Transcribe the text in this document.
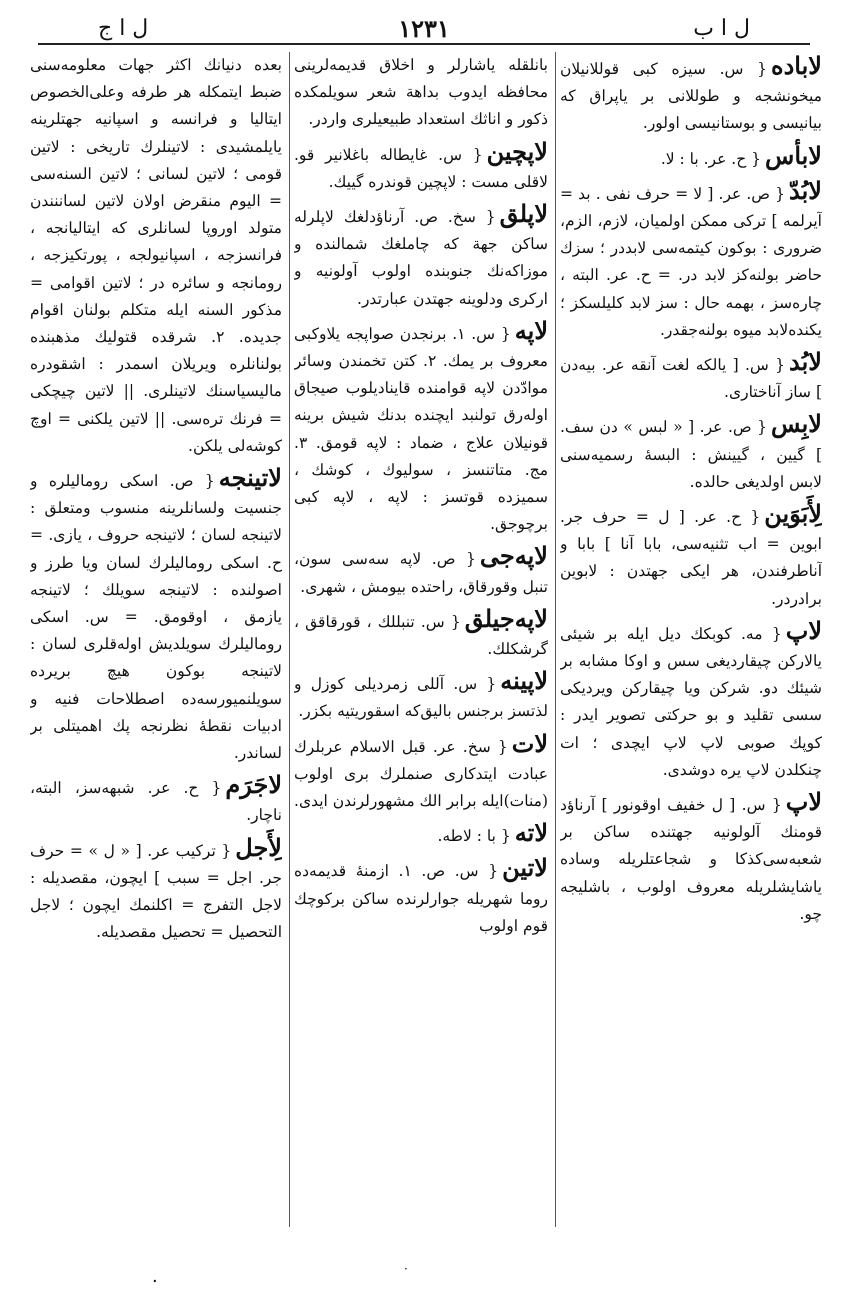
ل ا ج	١٢٣١	ل ا ب
لاباده{ س. سیزه کبی قوللانیلان میخونشجه و طوللانی بر یاپراق که بیانیسی و بوستانیسی اولور.
لابأس{ ح. عر. با : لا.
لابُدّ{ ص. عر. [ لا = حرف نفی . بد = آیرلمه ] ترکی ممکن اولمیان، لازم، الزم، ضروری : بوکون کیتمه‌سی لابددر ؛ سزك حاضر بولنه‌کز لابد در. = ح. عر. البته ، چاره‌سز ، بهمه حال : سز لابد کلیلسکز ؛ یکنده‌لابد میوه بولنه‌جقدر.
لابُد{ س. [ یالکه لغت آنقه عر. بیه‌دن ] ساز آناختاری.
لابِس{ ص. عر. [ « لبس » دن سف. ] گیین ، گیینش : البسهٔ رسمیه‌سنی لابس اولدیغی حالده.
لِأَبَوَین{ ح. عر. [ ل = حرف جر. ابوین = اب تثنیه‌سی، بابا آنا ] بابا و آناطرفندن، هر ایکی جهتدن : لابوین برادردر.
لاپ{ مه. کوبکك دیل ایله بر شیئی یالارکن چیقاردیغی سس و اوکا مشابه بر شیئك دو. شرکن ویا چیقارکن ویردیکی سسی تقلید و بو حرکتی تصویر ایدر : کوپك صوبی لاپ لاپ ایچدی ؛ ات چنکلدن لاپ یره دوشدی.
لاپ{ س. [ ل خفیف اوقونور ] آرناؤد قومنك آلولونیه جهتنده ساکن بر شعبه‌سی‌کذکا و شجاعتلریله وساده یاشایشلریله معروف اولوب ، باشلیجه چو.
بانلقله یاشارلر و اخلاق قدیمه‌لرینی محافظه ایدوب بداهة شعر سویلمکده ذکور و اناثك استعداد طبیعیلری واردر.
لاپچین{ س. غایطاله باغلانیر قو. لاقلی مست : لاپچین قوندره گییك.
لاپلق{ سخ. ص. آرناؤدلغك لاپلرله ساکن جهة که چاملغك شمالنده و موزاکه‌نك جنوبنده اولوب آولونیه و ارکری ودلوینه جهتدن عبارتدر.
لاپه{ س. ۱. برنجدن صواپجه یلاوکبی معروف بر یمك. ۲. کتن تخمندن وسائر موادّدن لاپه قوامنده قایناديلوب صیجاق اوله‌رق تولنبد ایچنده بدنك شیش برینه قونیلان علاج ، ضماد : لاپه قومق. ۳. مج. متاتنسز ، سولیوك ، کوشك ، سمیزده قوتسز : لاپه ، لاپه کبی برچوجق.
لاپه‌جی{ ص. لاپه سه‌سی سون، تنبل وقورقاق، راحتده بیومش ، شهری.
لاپه‌جیلق{ س. تنبللك ، قورقاقق ، گرشکلك.
لاپینه{ س. آللی زمردیلی کوزل و لذتسز برجنس بالیق‌که اسقوریتیه بکزر.
لات{ سخ. عر. قبل الاسلام عربلرك عبادت ایتدکاری صنملرك بری اولوب (منات)ایله برابر الك مشهورلرندن ایدی.
لاته{ با : لاطه.
لاتین{ س. ص. ۱. ازمنهٔ قدیمه‌ده روما شهریله جوارلرنده ساکن برکوچك قوم اولوب
بعده دنیانك اکثر جهات معلومه‌سنی ضبط ایتمکله هر طرفه وعلی‌الخصوص ایتالیا و فرانسه و اسپانیه جهتلرینه یایلمشیدی : لاتینلرك تاریخی : لاتین قومی ؛ لاتین لسانی ؛ لاتین السنه‌سی = الیوم منقرض اولان لاتین لساننندن متولد اوروپا لسانلری که ایتالیانجه ، فرانسزجه ، اسپانیولجه ، پورتکیزجه ، رومانجه و سائره در ؛ لاتین اقوامی = مذکور السنه ایله متکلم بولنان اقوام جدیده. ۲. شرقده قتولیك مذهبنده بولنانلره ویریلان اسمدر : اشقودره مالیسیاسنك لاتینلری. || لاتین چیچکی = فرنك تره‌سی. || لاتین یلکنی = اوچ کوشه‌لی یلکن.
لاتینجه{ ص. اسکی روماليلره و جنسیت ولسانلرینه منسوب ومتعلق : لاتینجه لسان ؛ لاتینجه حروف ، یازی. = ح. اسکی رومالیلرك لسان ویا طرز و اصولنده : لاتینجه سویلك ؛ لاتینجه یازمق ، اوقومق. = س. اسکی رومالیلرك سویلدیش اوله‌قلری لسان : لاتینجه بوکون هیچ بریرده سویلنمیورسه‌ده اصطلاحات فنیه و ادبیات نقطهٔ نظرنجه پك اهمیتلی بر لساندر.
لاجَرَم{ ح. عر. شبهه‌سز، البته، ناچار.
لِأَجل{ ترکیب عر. [ « ل » = حرف جر. اجل = سبب ] ایچون، مقصدیله : لاجل التفرج = اکلنمك ایچون ؛ لاجل التحصیل = تحصیل مقصدیله.
٠
·
